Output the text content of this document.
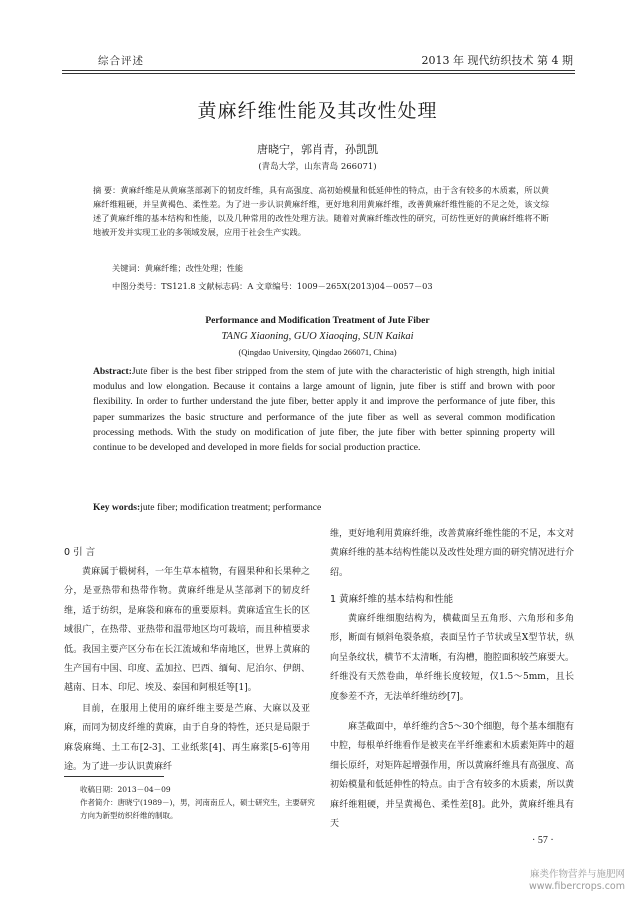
综合评述	2013 年 现代纺织技术 第 4 期
黄麻纤维性能及其改性处理
唐晓宁，郭肖青，孙凯凯
(青岛大学，山东青岛 266071)
摘 要：黄麻纤维是从黄麻茎部剥下的韧皮纤维，具有高强度、高初始模量和低延伸性的特点，由于含有较多的木质素，所以黄麻纤维粗硬，并呈黄褐色、柔性差。为了进一步认识黄麻纤维，更好地利用黄麻纤维，改善黄麻纤维性能的不足之处，该文综述了黄麻纤维的基本结构和性能，以及几种常用的改性处理方法。随着对黄麻纤维改性的研究，可纺性更好的黄麻纤维将不断地被开发并实现工业的多领域发展，应用于社会生产实践。
关键词：黄麻纤维；改性处理；性能
中图分类号：TS121.8 文献标志码：A 文章编号：1009－265X(2013)04－0057－03
Performance and Modification Treatment of Jute Fiber
TANG Xiaoning, GUO Xiaoqing, SUN Kaikai
(Qingdao University, Qingdao 266071, China)
Abstract:Jute fiber is the best fiber stripped from the stem of jute with the characteristic of high strength, high initial modulus and low elongation. Because it contains a large amount of lignin, jute fiber is stiff and brown with poor flexibility. In order to further understand the jute fiber, better apply it and improve the performance of jute fiber, this paper summarizes the basic structure and performance of the jute fiber as well as several common modification processing methods. With the study on modification of jute fiber, the jute fiber with better spinning property will continue to be developed and developed in more fields for social production practice.
Key words:jute fiber; modification treatment; performance
0 引 言
黄麻属于椴树科，一年生草本植物，有圆果种和长果种之分，是亚热带和热带作物。黄麻纤维是从茎部剥下的韧皮纤维，适于纺织，是麻袋和麻布的重要原料。黄麻适宜生长的区域很广，在热带、亚热带和温带地区均可栽培，而且种植要求低。我国主要产区分布在长江流域和华南地区，世界上黄麻的生产国有中国、印度、孟加拉、巴西、缅甸、尼泊尔、伊朗、越南、日本、印尼、埃及、泰国和阿根廷等[1]。
目前，在服用上使用的麻纤维主要是苎麻、大麻以及亚麻，而同为韧皮纤维的黄麻，由于自身的特性，还只是局限于麻袋麻绳、土工布[2-3]、工业纸浆[4]、再生麻浆[5-6]等用途。为了进一步认识黄麻纤
收稿日期：2013－04－09
作者简介：唐晓宁(1989－)，男，河南南丘人，硕士研究生，主要研究方向为新型纺织纤维的制取。
维，更好地利用黄麻纤维，改善黄麻纤维性能的不足，本文对黄麻纤维的基本结构性能以及改性处理方面的研究情况进行介绍。
1 黄麻纤维的基本结构和性能
黄麻纤维细胞结构为，横截面呈五角形、六角形和多角形，断面有倾斜龟裂条痕，表面呈竹子节状或呈X型节状，纵向呈条纹状，横节不太清晰，有沟槽，胞腔面积较苎麻要大。纤维没有天然卷曲，单纤维长度较短，仅1.5～5mm，且长度参差不齐，无法单纤维纺纱[7]。
麻茎截面中，单纤维约含5～30个细胞，每个基本细胞有中腔，每根单纤维看作是被夹在半纤维素和木质素矩阵中的超细长原纤，对矩阵起增强作用，所以黄麻纤维具有高强度、高初始模量和低延伸性的特点。由于含有较多的木质素，所以黄麻纤维粗硬，并呈黄褐色、柔性差[8]。此外，黄麻纤维具有天
· 57 ·
麻类作物营养与施肥网
www.fibercrops.com
